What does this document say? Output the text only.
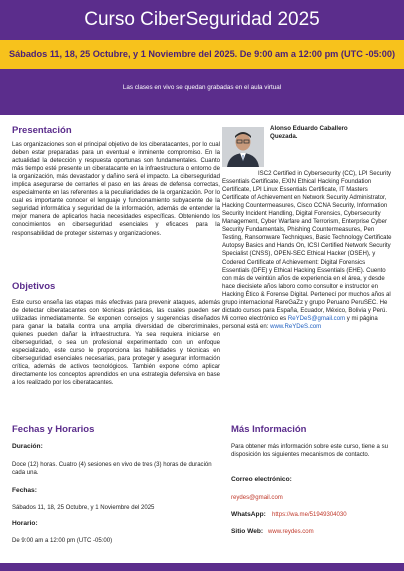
Curso CiberSeguridad 2025
Sábados 11, 18, 25 Octubre, y 1 Noviembre del 2025. De 9:00 am a 12:00 pm (UTC -05:00)
Las clases en vivo se quedan grabadas en el aula virtual
Presentación
Las organizaciones son el principal objetivo de los ciberatacantes, por lo cual deben estar preparadas para un eventual e inminente compromiso. En la actualidad la detección y respuesta oportunas son fundamentales. Cuanto más tiempo esté presente un ciberatacante en la infraestructura o entorno de la organización, más devastador y dañino será el impacto. La ciberseguridad implica asegurarse de cerrarles el paso en las áreas de defensa correctas, especialmente en las referentes a la peculiaridades de la organización. Por lo cual es importante conocer el lenguaje y funcionamiento subyacente de la seguridad informática y seguridad de la información, además de entender la mejor manera de aplicarlos hacia necesidades específicas. Obteniendo los conocimientos en ciberseguridad esenciales y eficaces para la responsabilidad de proteger sistemas y organizaciones.
Objetivos
Este curso enseña las etapas más efectivas para prevenir ataques, además de detectar ciberatacantes con técnicas prácticas, las cuales pueden ser utilizadas inmediatamente. Se exponen consejos y sugerencias diseñados para ganar la batalla contra una amplia diversidad de cibercriminales, quienes pueden dañar la infraestructura. Ya sea requiera iniciarse en ciberseguridad, o sea un profesional experimentado con un enfoque especializado, este curso le proporciona las habilidades y técnicas en ciberseguridad esenciales necesarias, para proteger y asegurar información crítica, además de activos tecnológicos. También expone cómo aplicar directamente los conceptos aprendidos en una estrategia defensiva en base a los realizado por los ciberatacantes.
Alonso Eduardo Caballero
Quezada.
ISC2 Certified in Cybersecurity (CC), LPI Security Essentials Certificate, EXIN Ethical Hacking Foundation Certificate, LPI Linux Essentials Certificate, IT Masters Certificate of Achievement en Network Security Administrator, Hacking Countermeasures, Cisco CCNA Security, Information Security Incident Handling, Digital Forensics, Cybersecurity Management, Cyber Warfare and Terrorism, Enterprise Cyber Security Fundamentals, Phishing Countermeasures, Pen Testing, Ransomware Techniques, Basic Technology Certificate Autopsy Basics and Hands On, ICSI Certified Network Security Specialist (CNSS), OPEN-SEC Ethical Hacker (OSEH), y Codered Certificate of Achievement: Digital Forensics Essentials (DFE) y Ethical Hacking Essentials (EHE). Cuento con más de veintiún años de experiencia en el área, y desde hace diecisiete años laboro como consultor e instructor en Hacking Ético & Forense Digital. Pertenecí por muchos años al grupo internacional RareGaZz y grupo Peruano PeruSEC. He dictado cursos para España, Ecuador, México, Bolivia y Perú. Mi correo electrónico es ReYDeS@gmail.com y mi página personal está en: www.ReYDeS.com
Fechas y Horarios
Duración:
Doce (12) horas. Cuatro (4) sesiones en vivo de tres (3) horas de duración cada una.
Fechas:
Sábados 11, 18, 25 Octubre, y 1 Noviembre del 2025
Horario:
De 9:00 am a 12:00 pm (UTC -05:00)
Más Información
Para obtener más información sobre este curso, tiene a su disposición los siguientes mecanismos de contacto.
Correo electrónico:
reydes@gmail.com
WhatsApp: https://wa.me/51949304030
Sitio Web: www.reydes.com
